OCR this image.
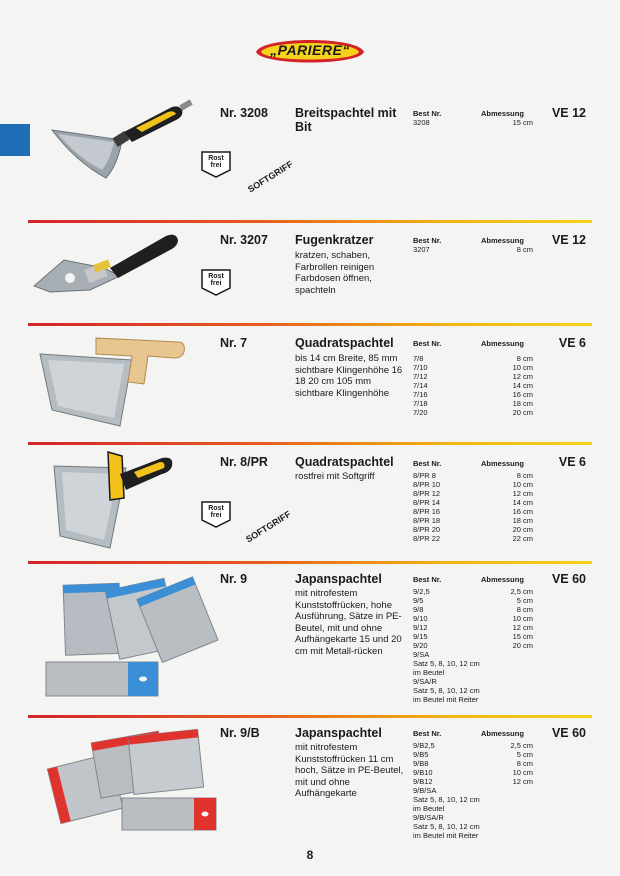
„PARIERE“
Rost
frei	SOFTGRIFF
Nr. 3208 Breitspachtel mit Bit
Best Nr.	Abmessung VE 12
3208	15 cm
Rost
frei
Nr. 3207 Fugenkratzer
kratzen, schaben, Farbrollen reinigen Farbdosen öffnen, spachteln
Best Nr.	Abmessung VE 12
3207	8 cm
Nr. 7	Quadratspachtel
bis 14 cm Breite, 85 mm sichtbare Klingenhöhe 16 18 20 cm 105 mm sichtbare Klingenhöhe
Best Nr.	Abmessung	VE 6
7/8	8 cm
7/10	10 cm
7/12	12 cm
7/14	14 cm
7/16	16 cm
7/18	18 cm
7/20	20 cm
Rost
frei	SOFTGRIFF
Nr. 8/PR Quadratspachtel
rostfrei mit Softgriff
Best Nr.	Abmessung	VE 6
8/PR 8	8 cm
8/PR 10	10 cm
8/PR 12	12 cm
8/PR 14	14 cm
8/PR 16	16 cm
8/PR 18	18 cm
8/PR 20	20 cm
8/PR 22	22 cm
Nr. 9	Japanspachtel
mit nitrofestem Kunststoffrücken, hohe Ausführung, Sätze in PE-Beutel, mit und ohne Aufhängekarte 15 und 20 cm mit Metall-rücken
Best Nr.	Abmessung VE 60
9/2,5	2,5 cm
9/5	5 cm
9/8	8 cm
9/10	10 cm
9/12	12 cm
9/15	15 cm
9/20	20 cm
9/SA
Satz 5, 8, 10, 12 cm
im Beutel
9/SA/R
Satz 5, 8, 10, 12 cm
im Beutel mit Reiter
Nr. 9/B	Japanspachtel
mit nitrofestem Kunststoffrücken 11 cm hoch, Sätze in PE-Beutel, mit und ohne Aufhängekarte
Best Nr.	Abmessung VE 60
9/B2,5	2,5 cm
9/B5	5 cm
9/B8	8 cm
9/B10	10 cm
9/B12	12 cm
9/B/SA
Satz 5, 8, 10, 12 cm
im Beutel
9/B/SA/R
Satz 5, 8, 10, 12 cm
im Beutel mit Reiter
8
